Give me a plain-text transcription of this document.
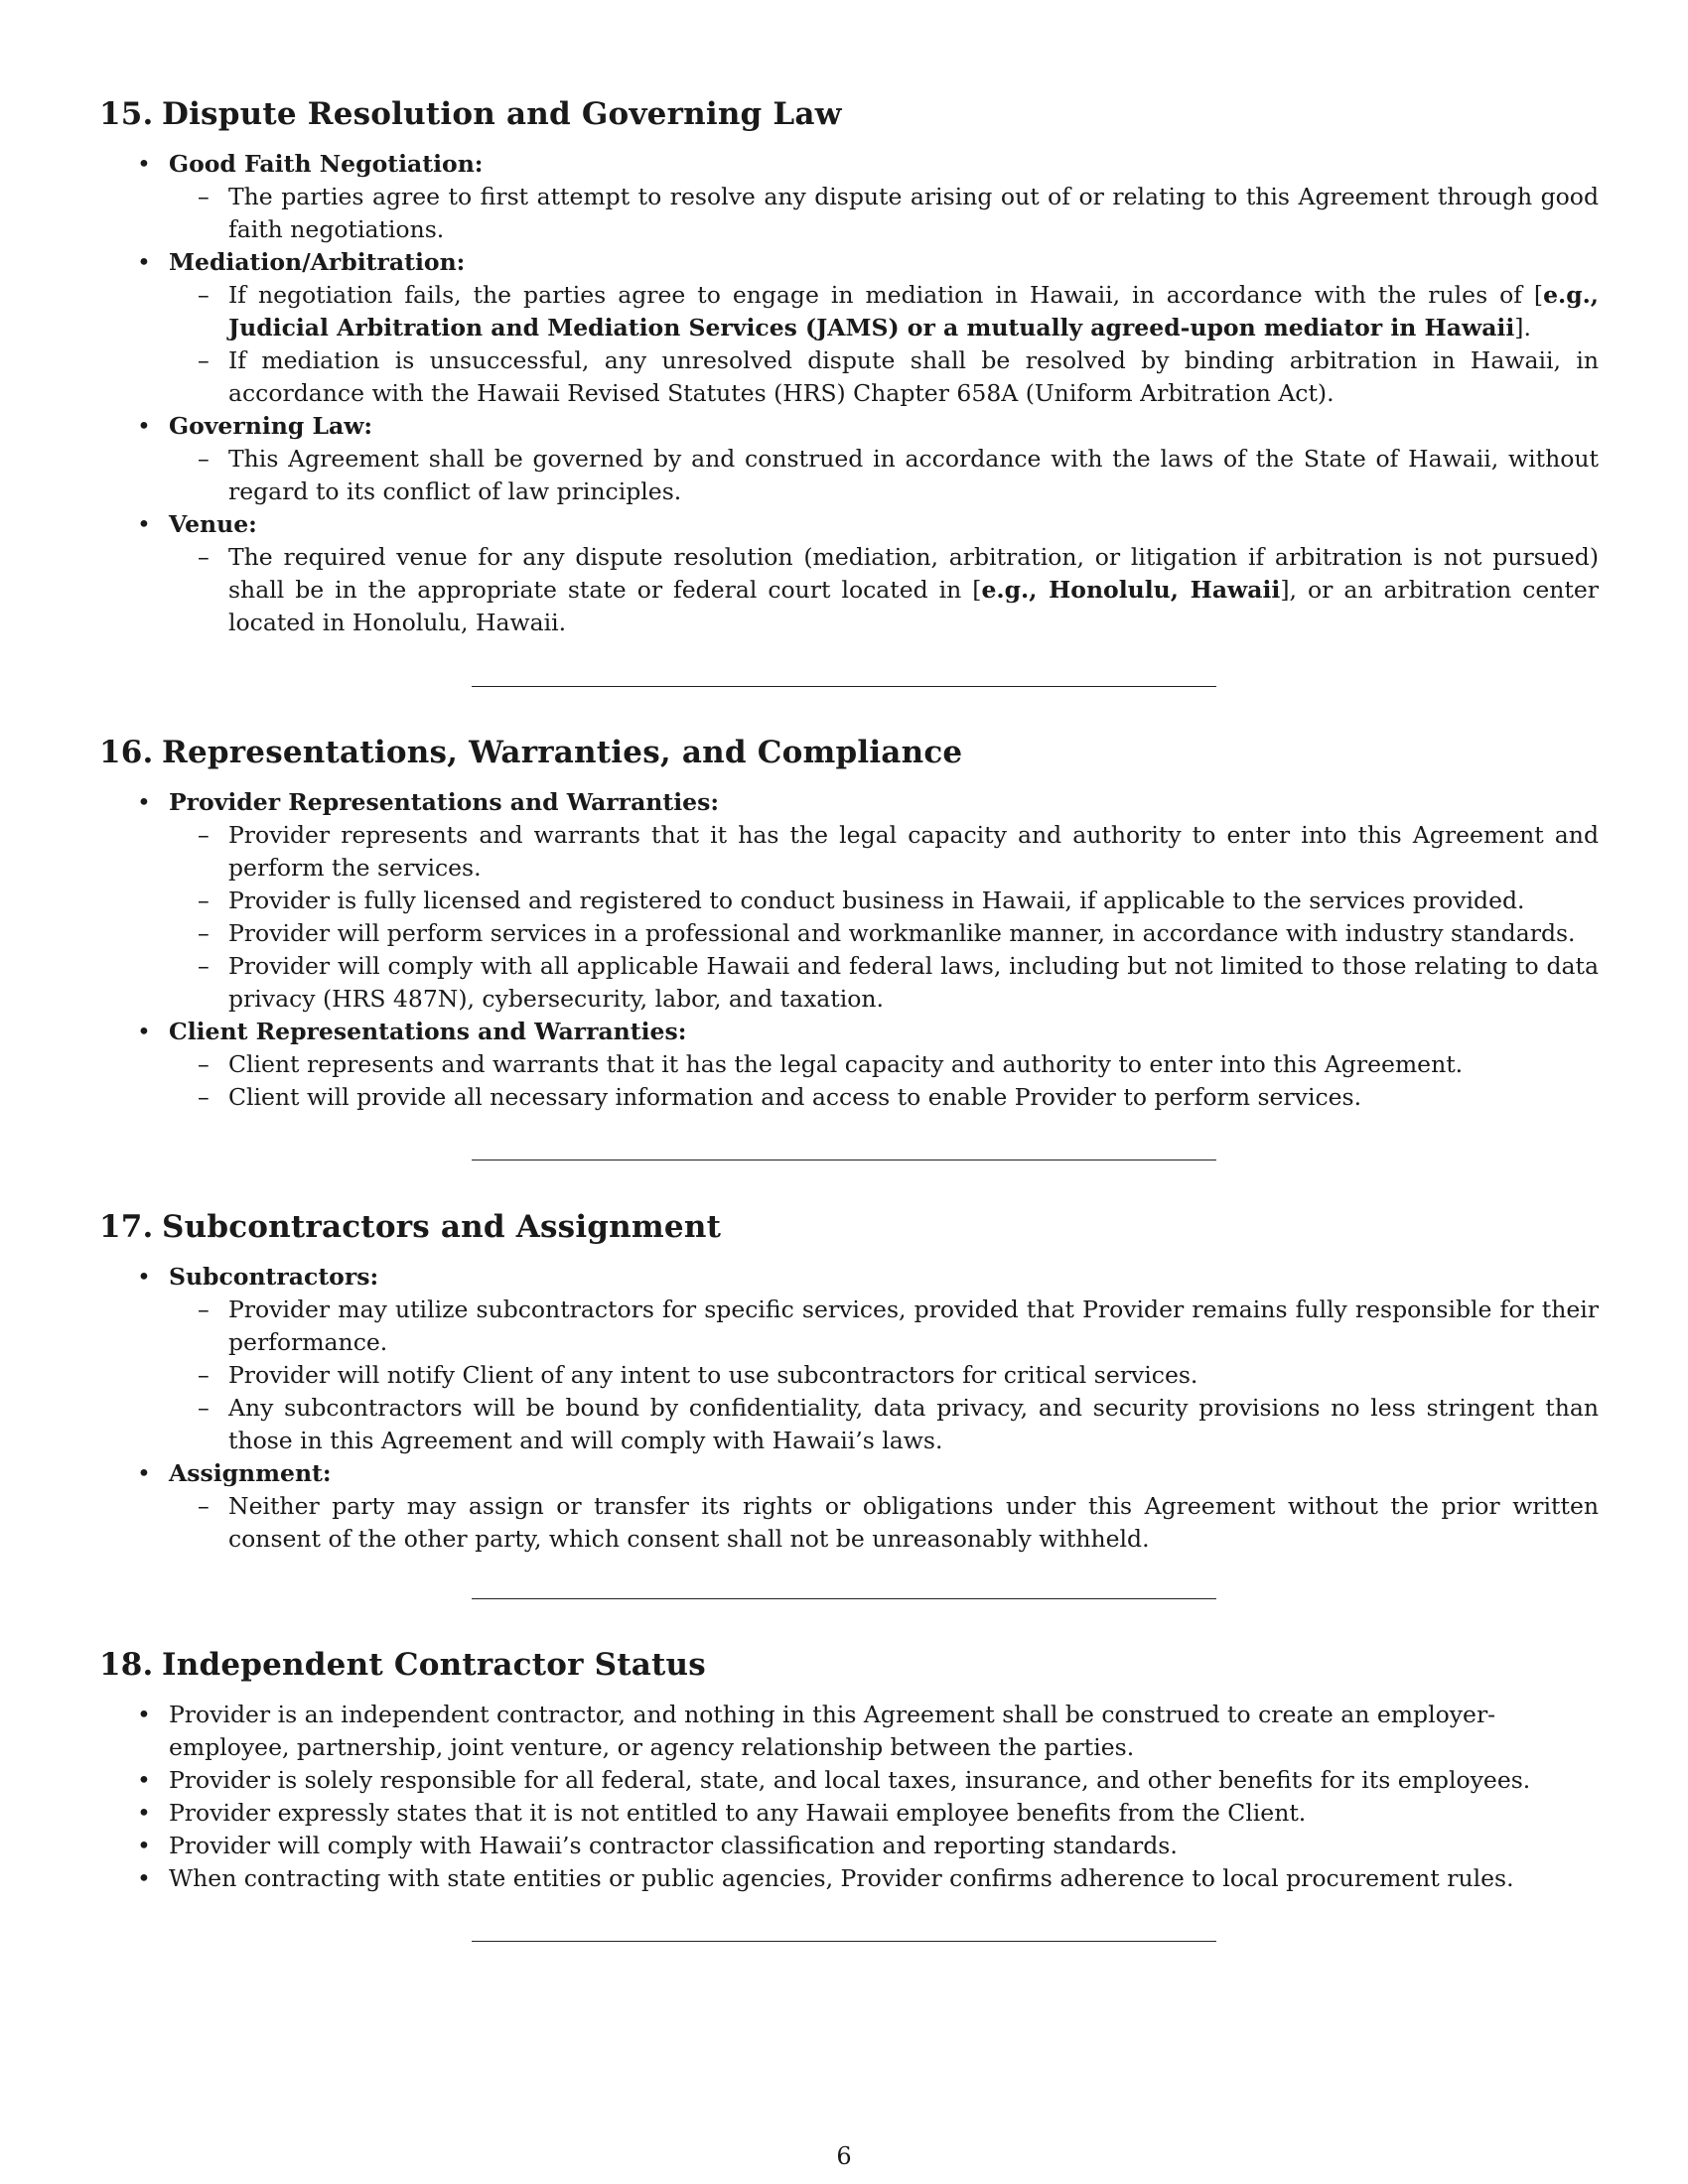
15. Dispute Resolution and Governing Law
• Good Faith Negotiation:
– The parties agree to first attempt to resolve any dispute arising out of or relating to this Agreement through good faith negotiations.
• Mediation/Arbitration:
– If negotiation fails, the parties agree to engage in mediation in Hawaii, in accordance with the rules of [e.g., Judicial Arbitration and Mediation Services (JAMS) or a mutually agreed-upon mediator in Hawaii].
– If mediation is unsuccessful, any unresolved dispute shall be resolved by binding arbitration in Hawaii, in accordance with the Hawaii Revised Statutes (HRS) Chapter 658A (Uniform Arbitration Act).
• Governing Law:
– This Agreement shall be governed by and construed in accordance with the laws of the State of Hawaii, without regard to its conflict of law principles.
• Venue:
– The required venue for any dispute resolution (mediation, arbitration, or litigation if arbitration is not pursued) shall be in the appropriate state or federal court located in [e.g., Honolulu, Hawaii], or an arbitration center located in Honolulu, Hawaii.
16. Representations, Warranties, and Compliance
• Provider Representations and Warranties:
– Provider represents and warrants that it has the legal capacity and authority to enter into this Agreement and perform the services.
– Provider is fully licensed and registered to conduct business in Hawaii, if applicable to the services provided.
– Provider will perform services in a professional and workmanlike manner, in accordance with industry standards.
– Provider will comply with all applicable Hawaii and federal laws, including but not limited to those relating to data privacy (HRS 487N), cybersecurity, labor, and taxation.
• Client Representations and Warranties:
– Client represents and warrants that it has the legal capacity and authority to enter into this Agreement.
– Client will provide all necessary information and access to enable Provider to perform services.
17. Subcontractors and Assignment
• Subcontractors:
– Provider may utilize subcontractors for specific services, provided that Provider remains fully responsible for their performance.
– Provider will notify Client of any intent to use subcontractors for critical services.
– Any subcontractors will be bound by confidentiality, data privacy, and security provisions no less stringent than those in this Agreement and will comply with Hawaii’s laws.
• Assignment:
– Neither party may assign or transfer its rights or obligations under this Agreement without the prior written consent of the other party, which consent shall not be unreasonably withheld.
18. Independent Contractor Status
• Provider is an independent contractor, and nothing in this Agreement shall be construed to create an employer-employee, partnership, joint venture, or agency relationship between the parties.
• Provider is solely responsible for all federal, state, and local taxes, insurance, and other benefits for its employees.
• Provider expressly states that it is not entitled to any Hawaii employee benefits from the Client.
• Provider will comply with Hawaii’s contractor classification and reporting standards.
• When contracting with state entities or public agencies, Provider confirms adherence to local procurement rules.
6
